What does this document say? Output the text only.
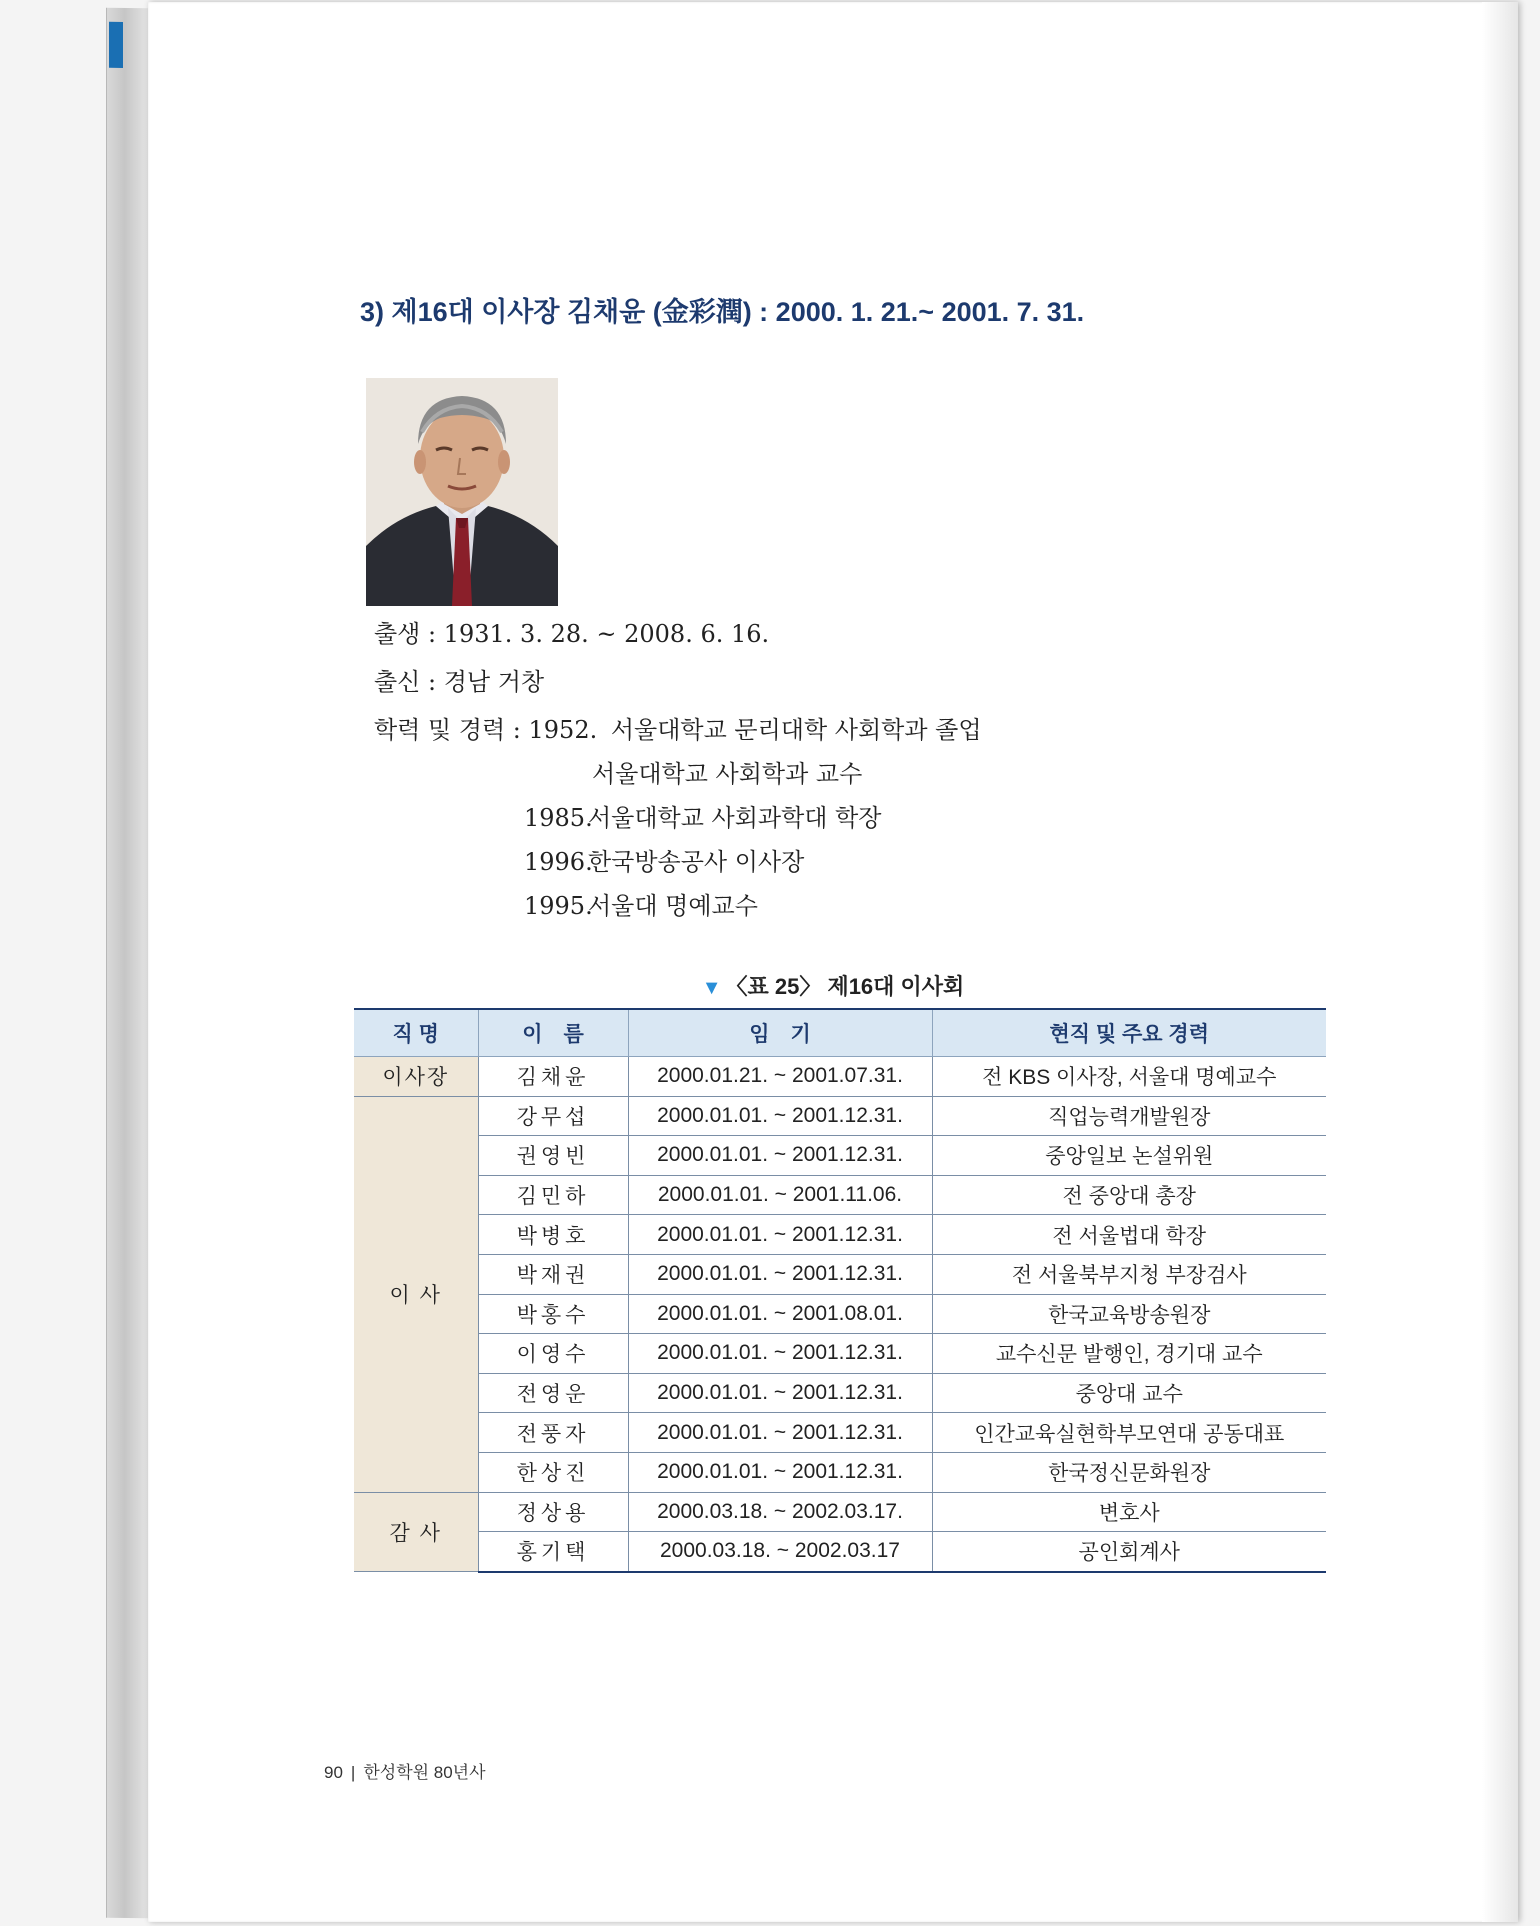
3) 제16대 이사장 김채윤 (金彩潤) : 2000. 1. 21.~ 2001. 7. 31.
출생 : 1931. 3. 28. ~ 2008. 6. 16.
출신 : 경남 거창
학력 및 경력 : 1952. 서울대학교 문리대학 사회학과 졸업
서울대학교 사회학과 교수
1985.서울대학교 사회과학대 학장
1996.한국방송공사 이사장
1995.서울대 명예교수
▼ 〈표 25〉 제16대 이사회
직 명	이　름	임　기	현직 및 주요 경력
이사장	김채윤	2000.01.21. ~ 2001.07.31.	전 KBS 이사장, 서울대 명예교수
이 사	강무섭	2000.01.01. ~ 2001.12.31.	직업능력개발원장
	권영빈	2000.01.01. ~ 2001.12.31.	중앙일보 논설위원
	김민하	2000.01.01. ~ 2001.11.06.	전 중앙대 총장
	박병호	2000.01.01. ~ 2001.12.31.	전 서울법대 학장
	박재권	2000.01.01. ~ 2001.12.31.	전 서울북부지청 부장검사
	박홍수	2000.01.01. ~ 2001.08.01.	한국교육방송원장
	이영수	2000.01.01. ~ 2001.12.31.	교수신문 발행인, 경기대 교수
	전영운	2000.01.01. ~ 2001.12.31.	중앙대 교수
	전풍자	2000.01.01. ~ 2001.12.31.	인간교육실현학부모연대 공동대표
	한상진	2000.01.01. ~ 2001.12.31.	한국정신문화원장
감 사	정상용	2000.03.18. ~ 2002.03.17.	변호사
	홍기택	2000.03.18. ~ 2002.03.17	공인회계사
90 | 한성학원 80년사
